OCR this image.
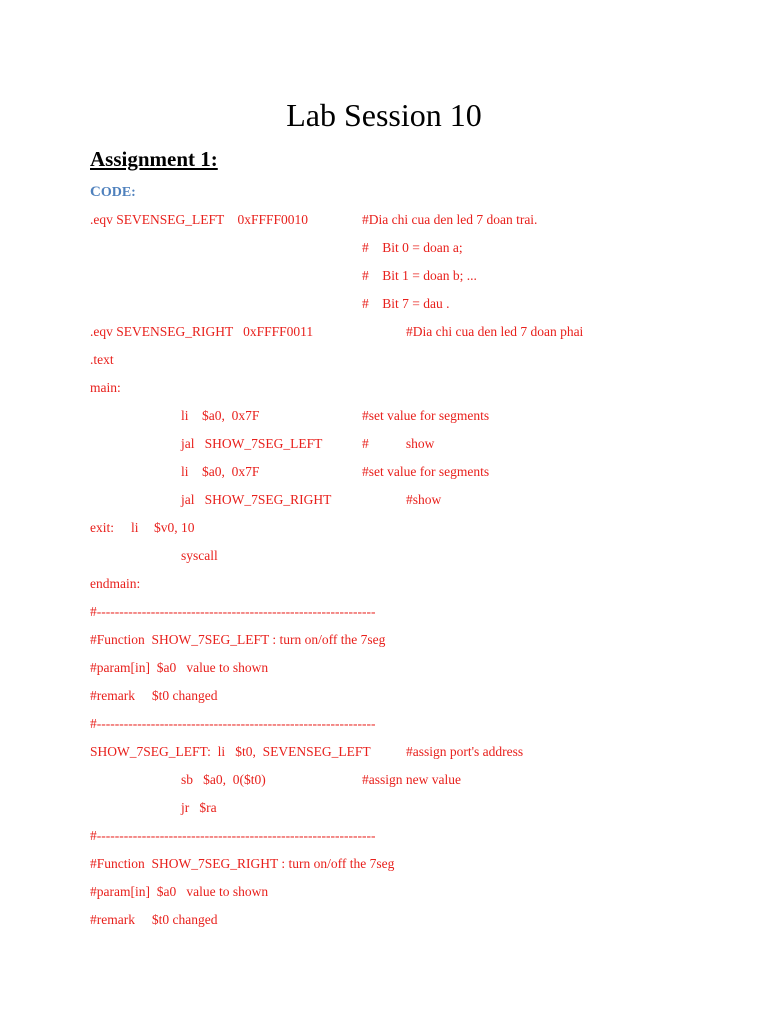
Lab Session 10
Assignment 1:
CODE:
.eqv SEVENSEG_LEFT    0xFFFF0010	#Dia chi cua den led 7 doan trai.
#    Bit 0 = doan a;
#    Bit 1 = doan b; ...
#    Bit 7 = dau .
.eqv SEVENSEG_RIGHT   0xFFFF0011	#Dia chi cua den led 7 doan phai
.text
main:
li    $a0,  0x7F	#set value for segments
jal   SHOW_7SEG_LEFT	#           show
li    $a0,  0x7F	#set value for segments
jal   SHOW_7SEG_RIGHT	#show
exit: li $v0, 10
syscall
endmain:
#--------------------------------------------------------------
#Function  SHOW_7SEG_LEFT : turn on/off the 7seg
#param[in]  $a0   value to shown
#remark     $t0 changed
#--------------------------------------------------------------
SHOW_7SEG_LEFT:  li   $t0,  SEVENSEG_LEFT	#assign port's address
sb   $a0,  0($t0)	#assign new value
jr   $ra
#--------------------------------------------------------------
#Function  SHOW_7SEG_RIGHT : turn on/off the 7seg
#param[in]  $a0   value to shown
#remark     $t0 changed
